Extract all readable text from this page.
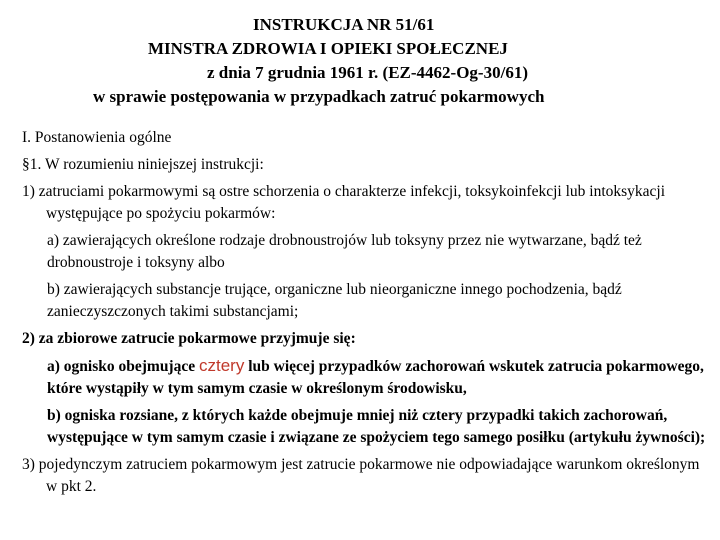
INSTRUKCJA NR 51/61
MINSTRA ZDROWIA I OPIEKI SPOŁECZNEJ
z dnia 7 grudnia 1961 r. (EZ-4462-Og-30/61)
w sprawie postępowania w przypadkach zatruć pokarmowych

I. Postanowienia ogólne

§1. W rozumieniu niniejszej instrukcji:

1) zatruciami pokarmowymi są ostre schorzenia o charakterze infekcji, toksykoinfekcji lub intoksykacji występujące po spożyciu pokarmów:

a) zawierających określone rodzaje drobnoustrojów lub toksyny przez nie wytwarzane, bądź też drobnoustroje i toksyny albo

b) zawierających substancje trujące, organiczne lub nieorganiczne innego pochodzenia, bądź zanieczyszczonych takimi substancjami;

2) za zbiorowe zatrucie pokarmowe przyjmuje się:

a) ognisko obejmujące cztery lub więcej przypadków zachorowań wskutek zatrucia pokarmowego, które wystąpiły w tym samym czasie w określonym środowisku,

b) ogniska rozsiane, z których każde obejmuje mniej niż cztery przypadki takich zachorowań, występujące w tym samym czasie i związane ze spożyciem tego samego posiłku (artykułu żywności);

3) pojedynczym zatruciem pokarmowym jest zatrucie pokarmowe nie odpowiadające warunkom określonym w pkt 2.
